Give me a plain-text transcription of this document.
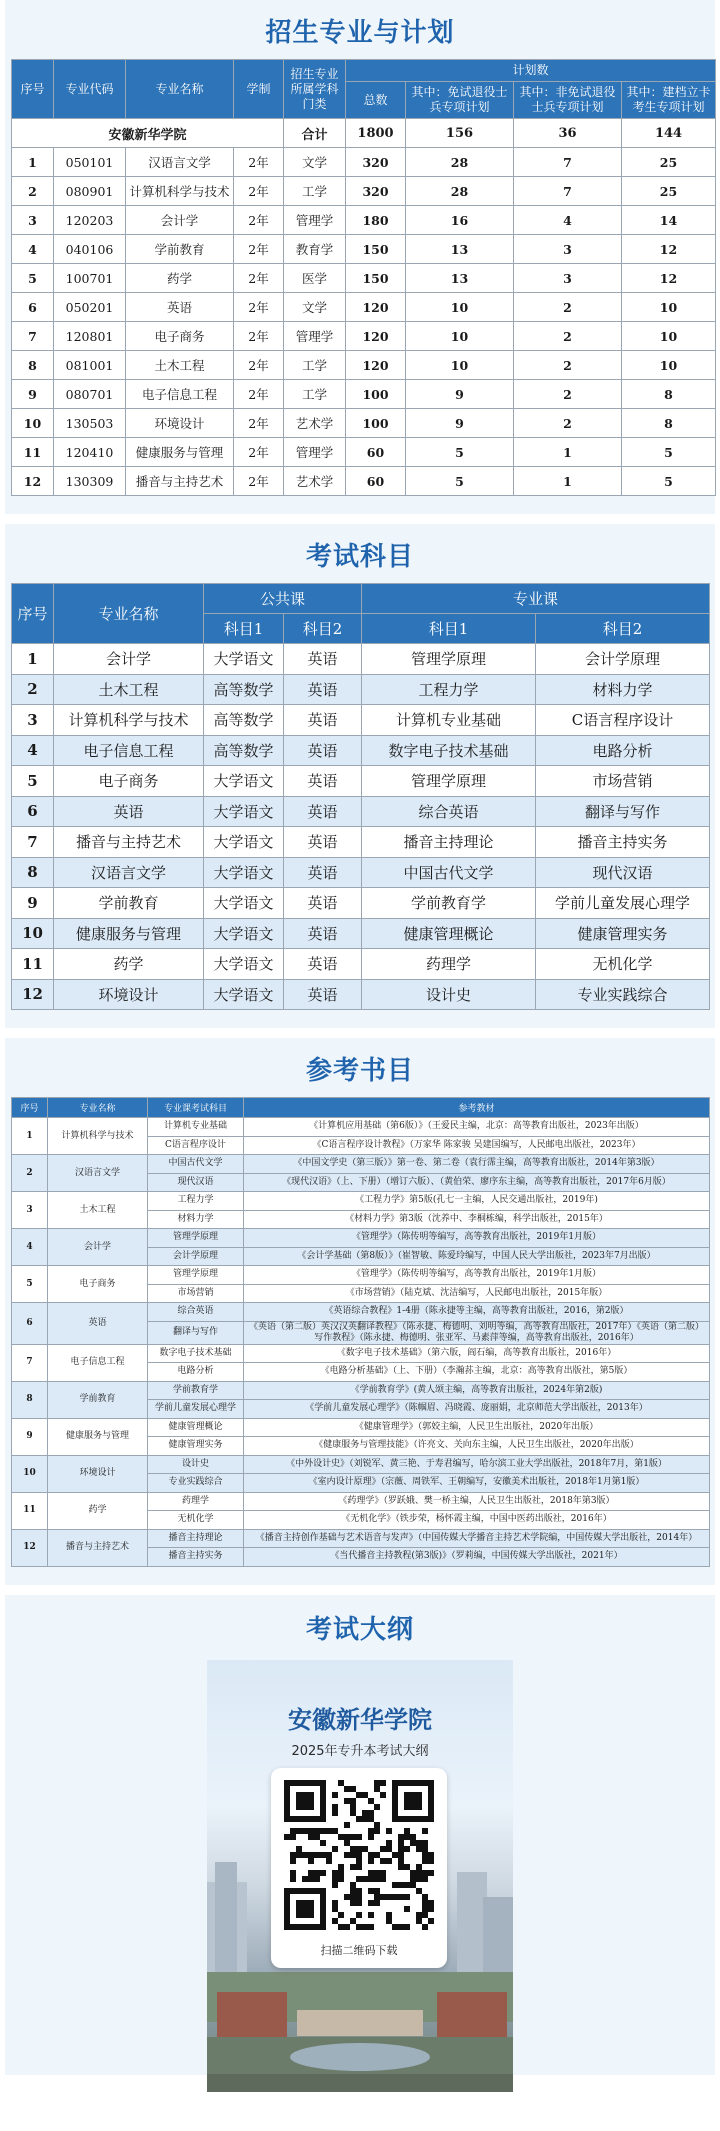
招生专业与计划
序号	专业代码	专业名称	学制	招生专业所属学科门类	计划数			
					总数	其中：免试退役士兵专项计划	其中：非免试退役士兵专项计划	其中：建档立卡考生专项计划
安徽新华学院				合计	1800	156	36	144
1	050101	汉语言文学	2年	文学	320	28	7	25
2	080901	计算机科学与技术	2年	工学	320	28	7	25
3	120203	会计学	2年	管理学	180	16	4	14
4	040106	学前教育	2年	教育学	150	13	3	12
5	100701	药学	2年	医学	150	13	3	12
6	050201	英语	2年	文学	120	10	2	10
7	120801	电子商务	2年	管理学	120	10	2	10
8	081001	土木工程	2年	工学	120	10	2	10
9	080701	电子信息工程	2年	工学	100	9	2	8
10	130503	环境设计	2年	艺术学	100	9	2	8
11	120410	健康服务与管理	2年	管理学	60	5	1	5
12	130309	播音与主持艺术	2年	艺术学	60	5	1	5
考试科目
序号	专业名称	公共课		专业课	
		科目1	科目2	科目1	科目2
1	会计学	大学语文	英语	管理学原理	会计学原理
2	土木工程	高等数学	英语	工程力学	材料力学
3	计算机科学与技术	高等数学	英语	计算机专业基础	C语言程序设计
4	电子信息工程	高等数学	英语	数字电子技术基础	电路分析
5	电子商务	大学语文	英语	管理学原理	市场营销
6	英语	大学语文	英语	综合英语	翻译与写作
7	播音与主持艺术	大学语文	英语	播音主持理论	播音主持实务
8	汉语言文学	大学语文	英语	中国古代文学	现代汉语
9	学前教育	大学语文	英语	学前教育学	学前儿童发展心理学
10	健康服务与管理	大学语文	英语	健康管理概论	健康管理实务
11	药学	大学语文	英语	药理学	无机化学
12	环境设计	大学语文	英语	设计史	专业实践综合
参考书目
序号	专业名称	专业课考试科目	参考教材
1	计算机科学与技术	计算机专业基础	《计算机应用基础（第6版）》（王爱民主编，北京：高等教育出版社，2023年出版）
		C语言程序设计	《C语言程序设计教程》（万家华 陈家骏 吴建国编写，人民邮电出版社，2023年）
2	汉语言文学	中国古代文学	《中国文学史（第三版）》第一卷、第二卷（袁行霈主编，高等教育出版社，2014年第3版）
		现代汉语	《现代汉语》（上、下册）（增订六版）、（黄伯荣、廖序东主编，高等教育出版社，2017年6月版）
3	土木工程	工程力学	《工程力学》第5版(孔七一主编，人民交通出版社，2019年)
		材料力学	《材料力学》第3版（沈养中、李桐栋编，科学出版社，2015年）
4	会计学	管理学原理	《管理学》（陈传明等编写，高等教育出版社，2019年1月版）
		会计学原理	《会计学基础（第8版）》（崔智敏、陈爱玲编写，中国人民大学出版社，2023年7月出版）
5	电子商务	管理学原理	《管理学》（陈传明等编写，高等教育出版社，2019年1月版）
		市场营销	《市场营销》（陆克斌、沈洁编写，人民邮电出版社，2015年版）
6	英语	综合英语	《英语综合教程》1-4册（陈永捷等主编，高等教育出版社，2016，第2版）
		翻译与写作	《英语（第二版）英汉汉英翻译教程》（陈永捷、梅德明、刘明等编，高等教育出版社，2017年）《英语（第二版）写作教程》（陈永捷、梅德明、张亚军、马素萍等编，高等教育出版社，2016年）
7	电子信息工程	数字电子技术基础	《数字电子技术基础》（第六版，阎石编，高等教育出版社，2016年）
		电路分析	《电路分析基础》（上、下册）（李瀚荪主编，北京：高等教育出版社，第5版）
8	学前教育	学前教育学	《学前教育学》(黄人颂主编，高等教育出版社，2024年第2版)
		学前儿童发展心理学	《学前儿童发展心理学》（陈帼眉、冯晓霞、庞丽娟，北京师范大学出版社，2013年）
9	健康服务与管理	健康管理概论	《健康管理学》（郭姣主编，人民卫生出版社，2020年出版）
		健康管理实务	《健康服务与管理技能》（许亮文、关向东主编，人民卫生出版社，2020年出版）
10	环境设计	设计史	《中外设计史》（刘锐军、黄三艳、于寿君编写，哈尔滨工业大学出版社，2018年7月，第1版）
		专业实践综合	《室内设计原理》（宗薇、周铁军、王朝编写，安徽美术出版社，2018年1月第1版）
11	药学	药理学	《药理学》（罗跃娥、樊一桥主编，人民卫生出版社，2018年第3版）
		无机化学	《无机化学》（铁步荣，杨怀霞主编，中国中医药出版社，2016年）
12	播音与主持艺术	播音主持理论	《播音主持创作基础与艺术语音与发声》（中国传媒大学播音主持艺术学院编，中国传媒大学出版社，2014年）
		播音主持实务	《当代播音主持教程(第3版)》（罗莉编，中国传媒大学出版社，2021年）
考试大纲
安徽新华学院
2025年专升本考试大纲
扫描二维码下载
